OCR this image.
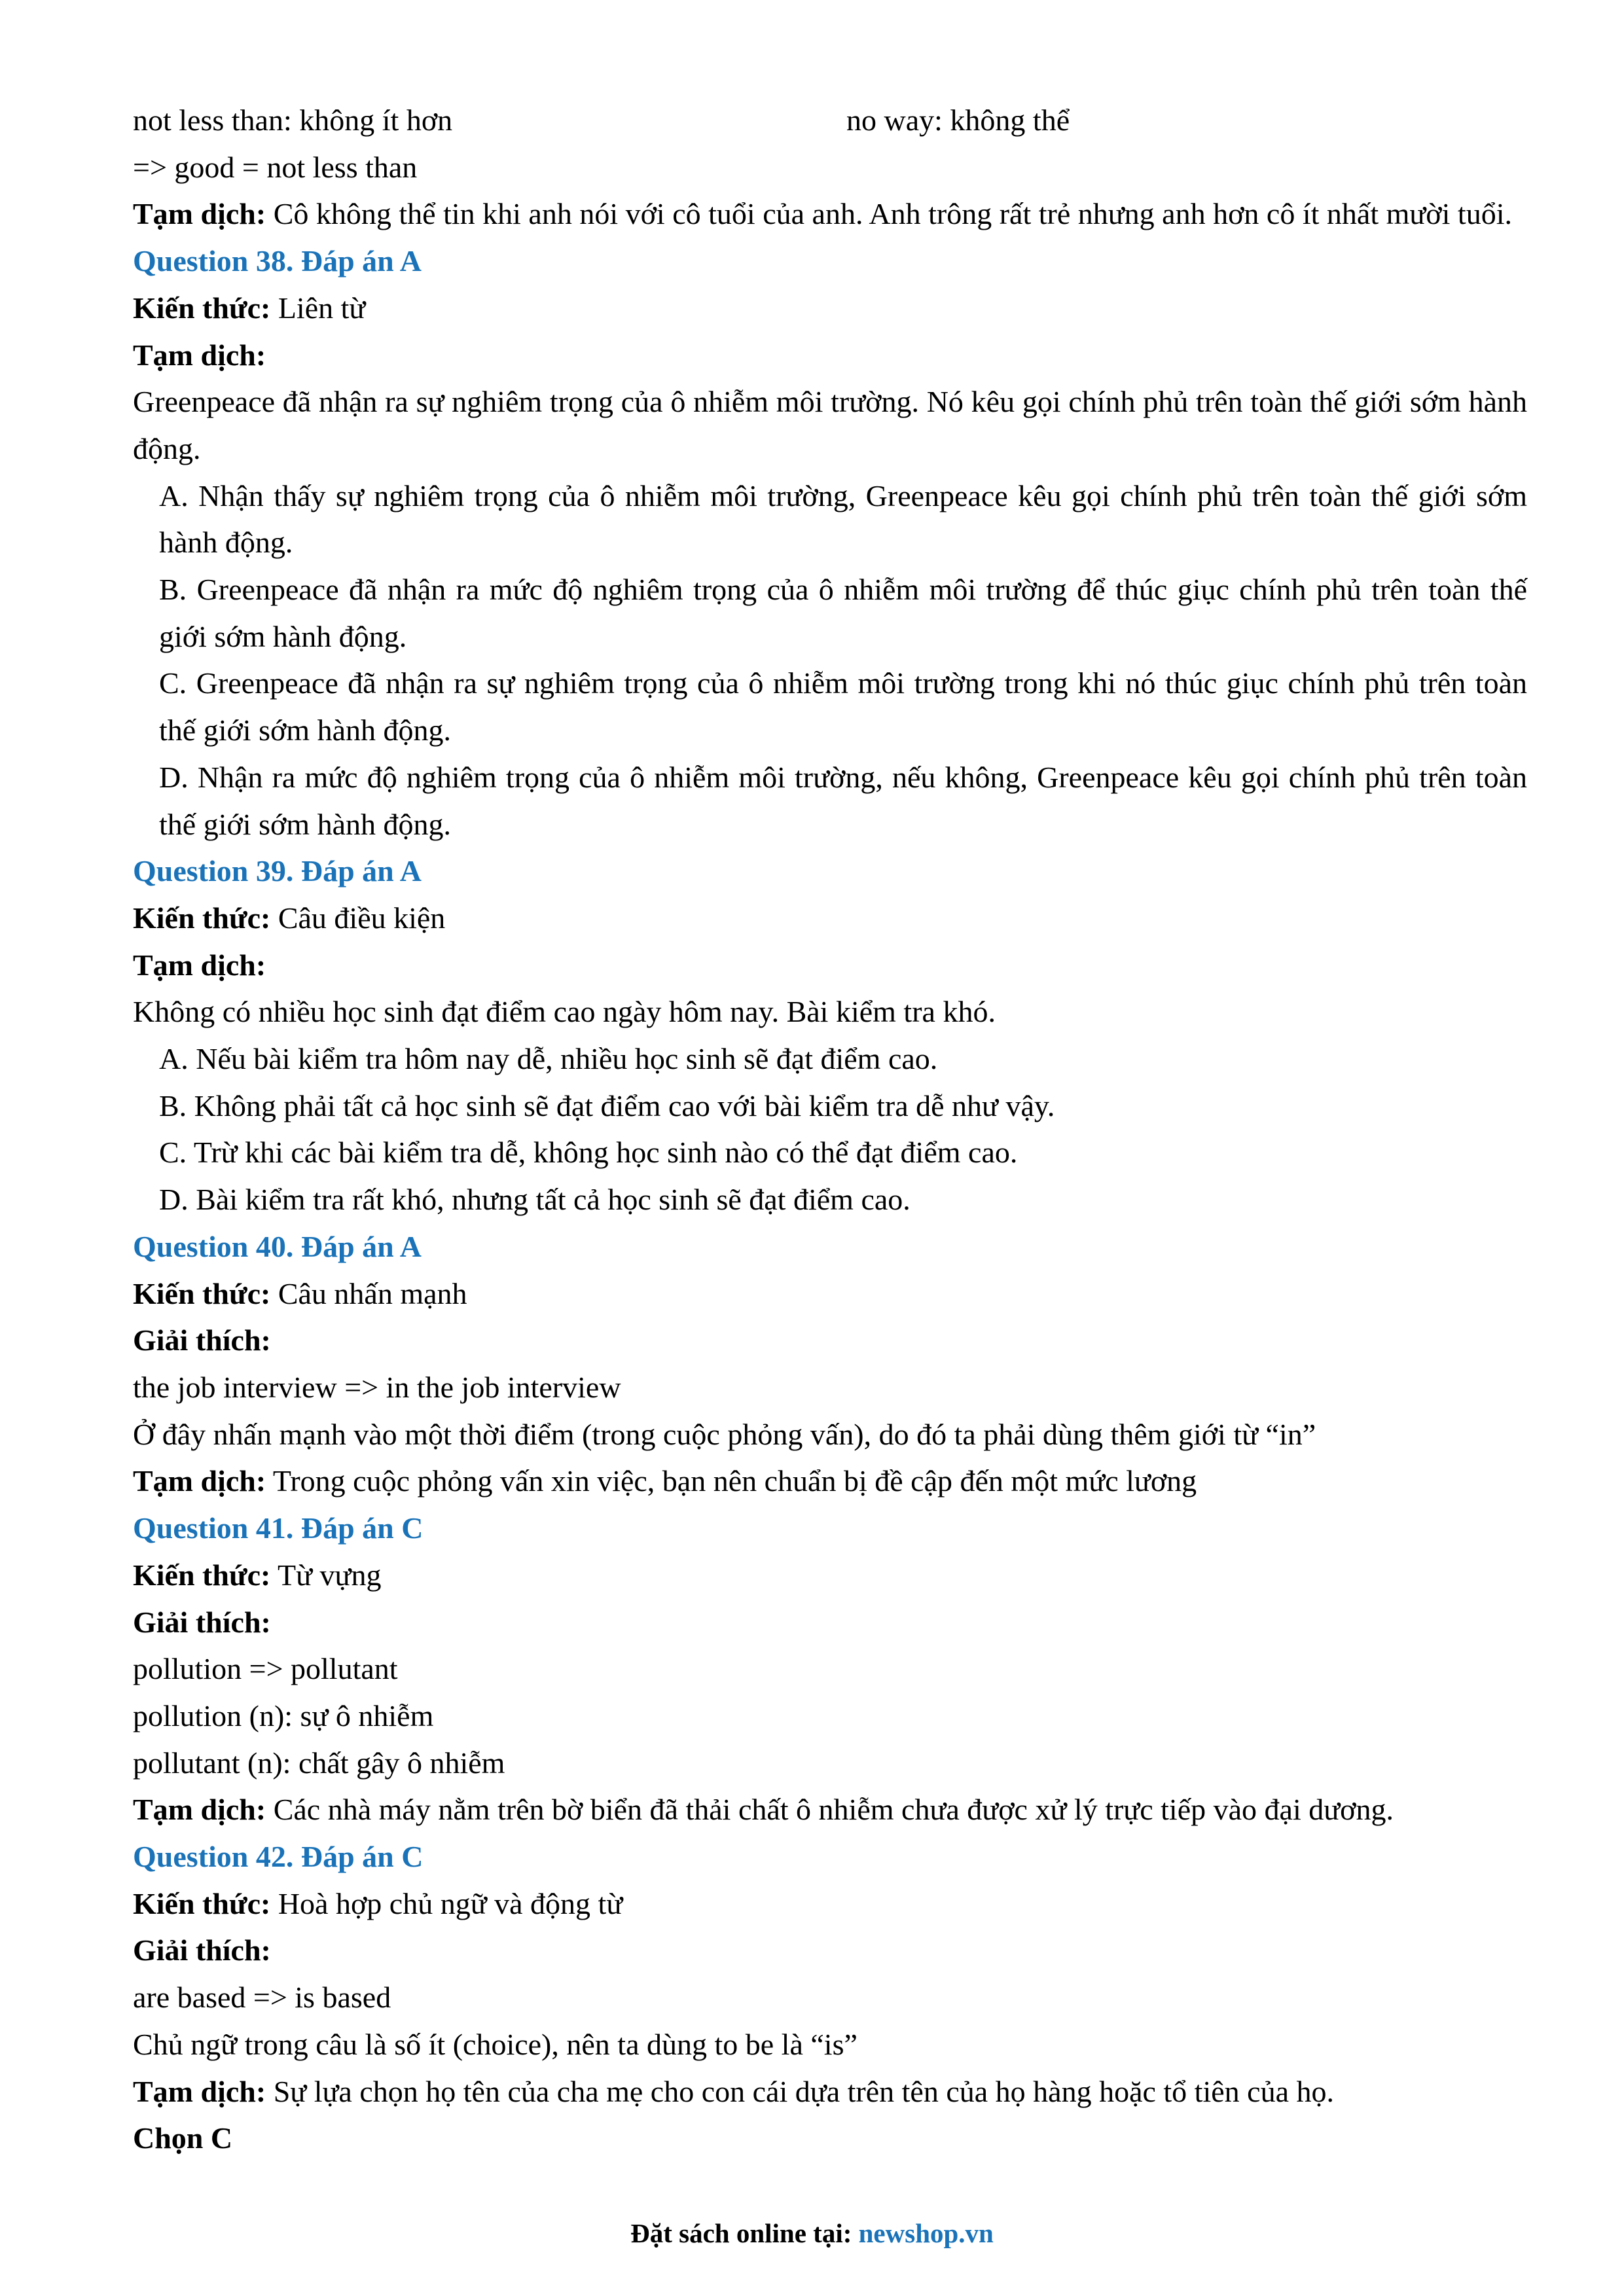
not less than: không ít hơn	no way: không thể
=> good = not less than
Tạm dịch: Cô không thể tin khi anh nói với cô tuổi của anh. Anh trông rất trẻ nhưng anh hơn cô ít nhất mười tuổi.
Question 38. Đáp án A
Kiến thức: Liên từ
Tạm dịch:
Greenpeace đã nhận ra sự nghiêm trọng của ô nhiễm môi trường. Nó kêu gọi chính phủ trên toàn thế giới sớm hành động.
A. Nhận thấy sự nghiêm trọng của ô nhiễm môi trường, Greenpeace kêu gọi chính phủ trên toàn thế giới sớm hành động.
B. Greenpeace đã nhận ra mức độ nghiêm trọng của ô nhiễm môi trường để thúc giục chính phủ trên toàn thế giới sớm hành động.
C. Greenpeace đã nhận ra sự nghiêm trọng của ô nhiễm môi trường trong khi nó thúc giục chính phủ trên toàn thế giới sớm hành động.
D. Nhận ra mức độ nghiêm trọng của ô nhiễm môi trường, nếu không, Greenpeace kêu gọi chính phủ trên toàn thế giới sớm hành động.
Question 39. Đáp án A
Kiến thức: Câu điều kiện
Tạm dịch:
Không có nhiều học sinh đạt điểm cao ngày hôm nay. Bài kiểm tra khó.
A. Nếu bài kiểm tra hôm nay dễ, nhiều học sinh sẽ đạt điểm cao.
B. Không phải tất cả học sinh sẽ đạt điểm cao với bài kiểm tra dễ như vậy.
C. Trừ khi các bài kiểm tra dễ, không học sinh nào có thể đạt điểm cao.
D. Bài kiểm tra rất khó, nhưng tất cả học sinh sẽ đạt điểm cao.
Question 40. Đáp án A
Kiến thức: Câu nhấn mạnh
Giải thích:
the job interview => in the job interview
Ở đây nhấn mạnh vào một thời điểm (trong cuộc phỏng vấn), do đó ta phải dùng thêm giới từ “in”
Tạm dịch: Trong cuộc phỏng vấn xin việc, bạn nên chuẩn bị đề cập đến một mức lương
Question 41. Đáp án C
Kiến thức: Từ vựng
Giải thích:
pollution => pollutant
pollution (n): sự ô nhiễm
pollutant (n): chất gây ô nhiễm
Tạm dịch: Các nhà máy nằm trên bờ biển đã thải chất ô nhiễm chưa được xử lý trực tiếp vào đại dương.
Question 42. Đáp án C
Kiến thức: Hoà hợp chủ ngữ và động từ
Giải thích:
are based => is based
Chủ ngữ trong câu là số ít (choice), nên ta dùng to be là “is”
Tạm dịch: Sự lựa chọn họ tên của cha mẹ cho con cái dựa trên tên của họ hàng hoặc tổ tiên của họ.
Chọn C
Đặt sách online tại: newshop.vn
